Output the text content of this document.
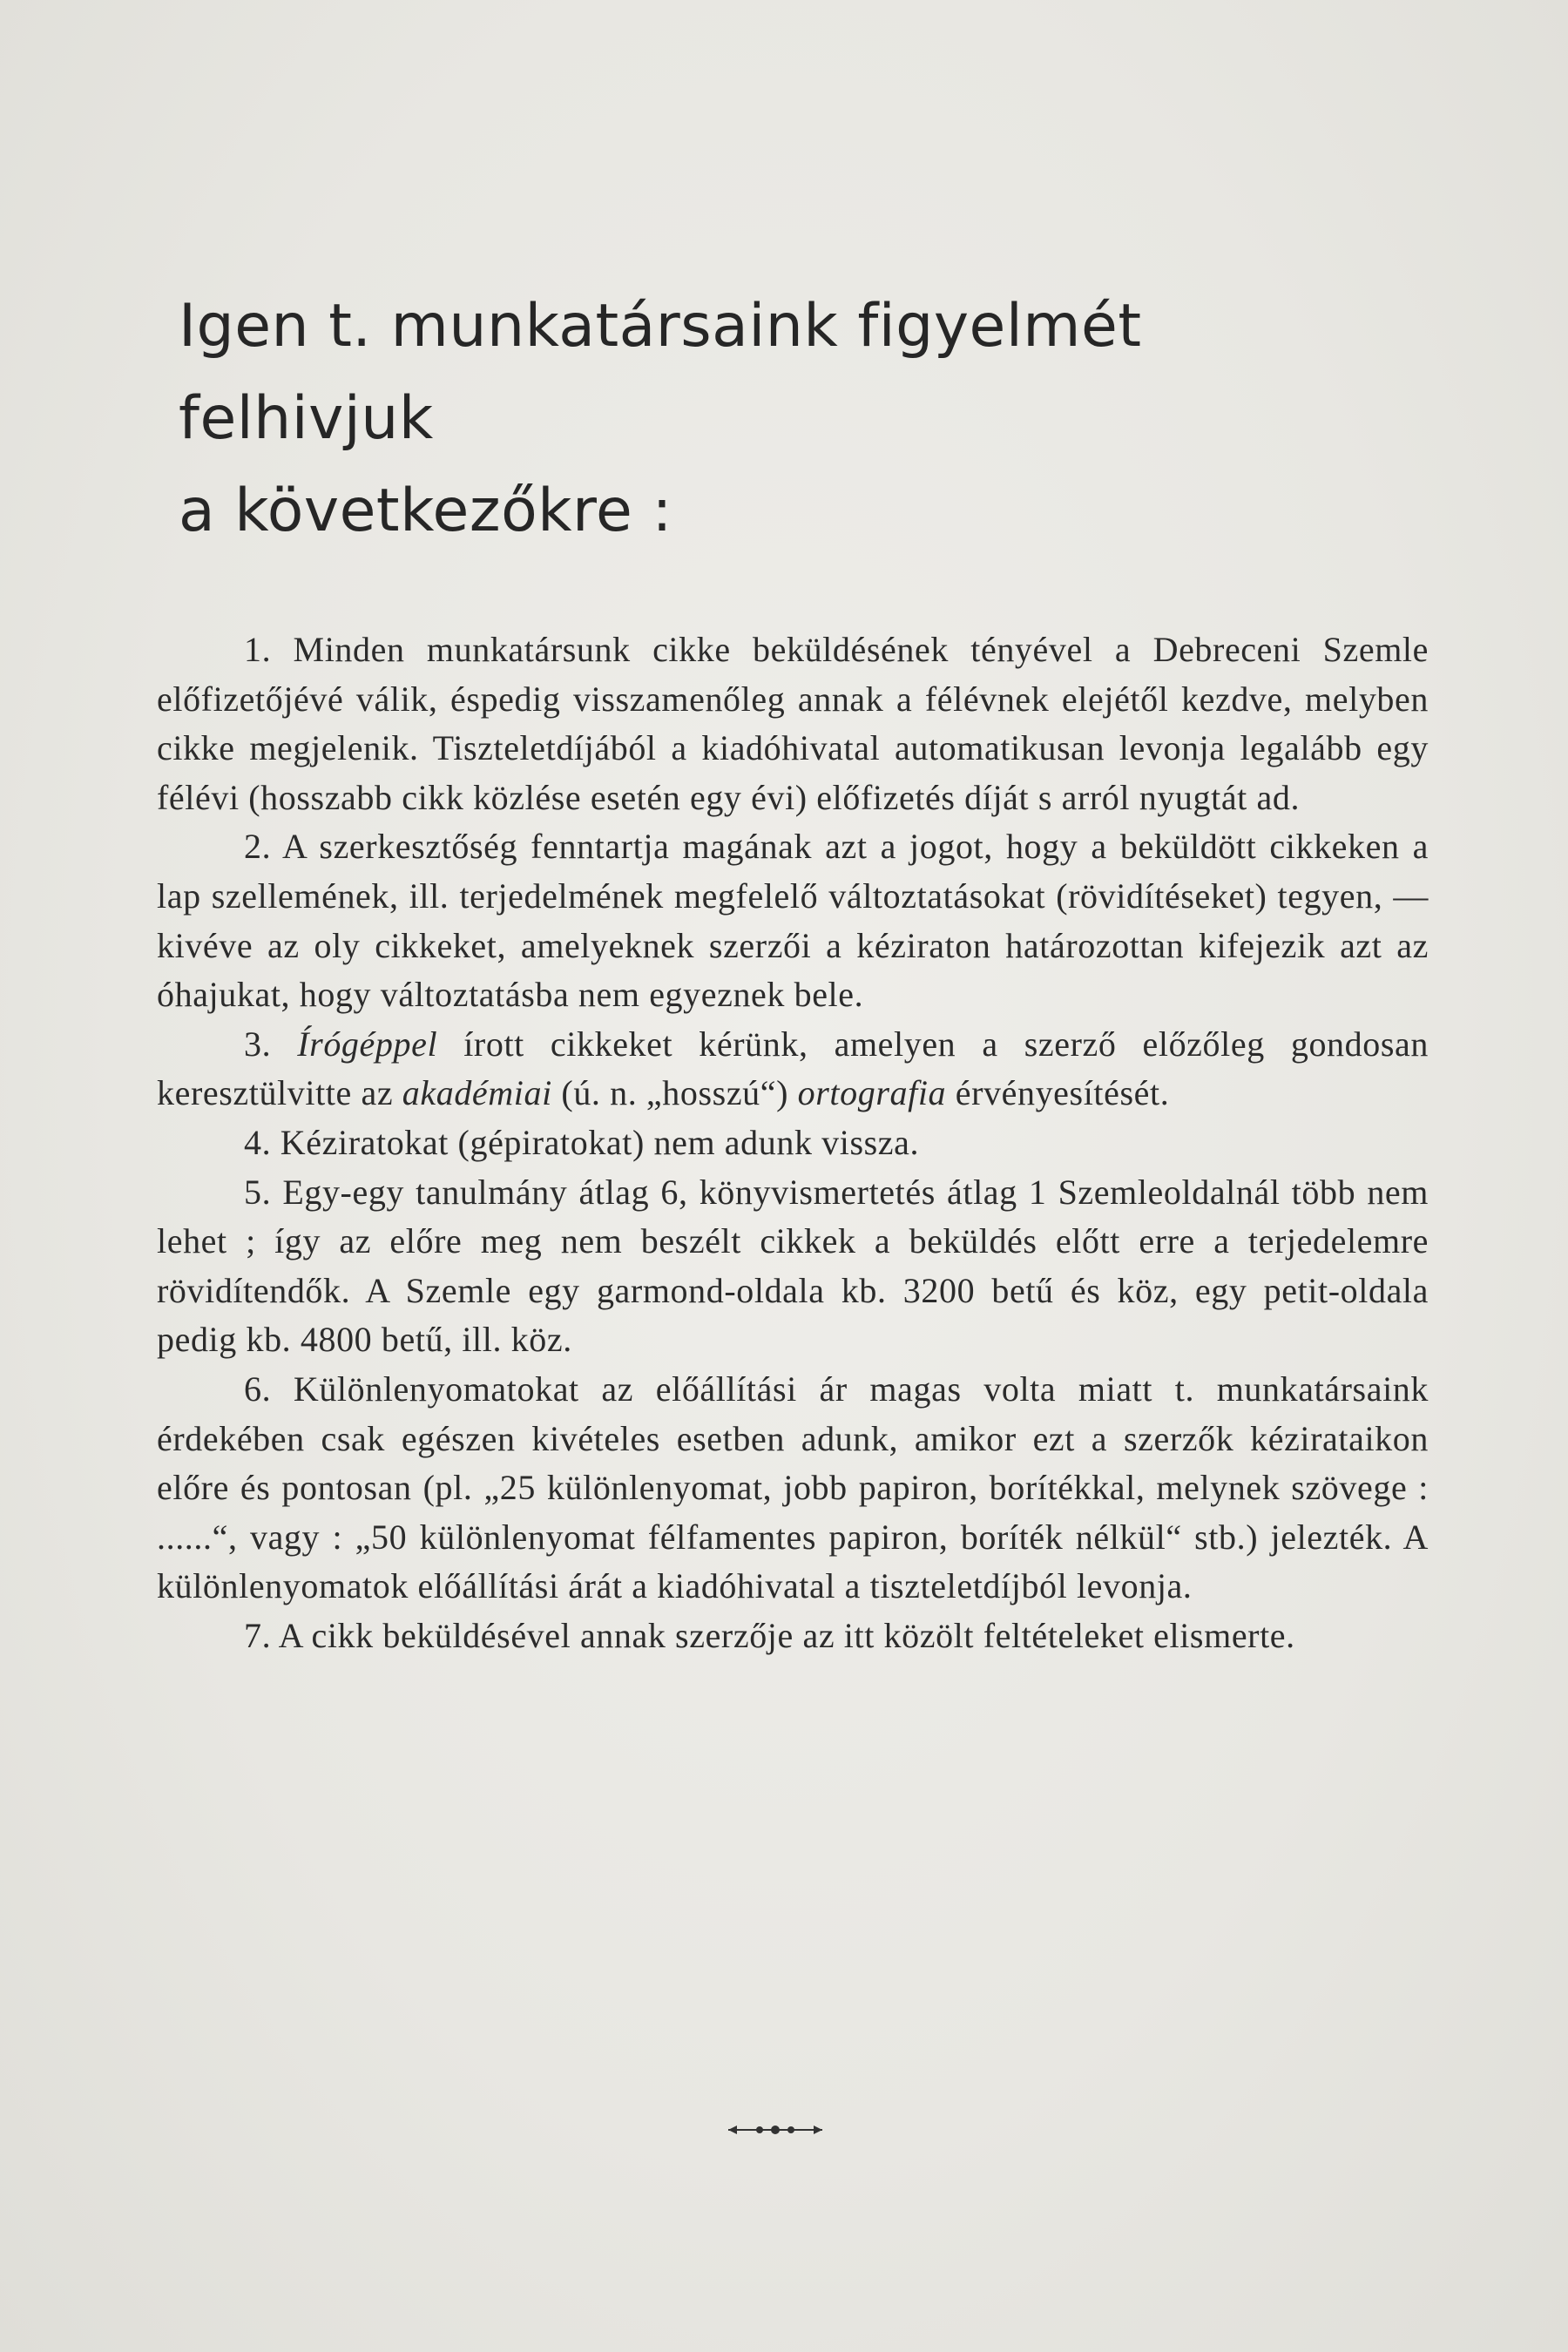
Igen t. munkatársaink figyelmét felhivjuk
a következőkre :

1. Minden munkatársunk cikke beküldésének tényével a Debreceni Szemle előfizetőjévé válik, éspedig visszamenőleg annak a félévnek elejétől kezdve, melyben cikke megjelenik. Tiszteletdíjából a kiadóhivatal automatikusan levonja legalább egy félévi (hosszabb cikk közlése esetén egy évi) előfizetés díját s arról nyugtát ad.

2. A szerkesztőség fenntartja magának azt a jogot, hogy a beküldött cikkeken a lap szellemének, ill. terjedelmének megfelelő változtatásokat (rövidítéseket) tegyen, — kivéve az oly cikkeket, amelyeknek szerzői a kéziraton határozottan kifejezik azt az óhajukat, hogy változtatásba nem egyeznek bele.

3. Írógéppel írott cikkeket kérünk, amelyen a szerző előzőleg gondosan keresztülvitte az akadémiai (ú. n. „hosszú“) ortografia érvényesítését.

4. Kéziratokat (gépiratokat) nem adunk vissza.

5. Egy-egy tanulmány átlag 6, könyvismertetés átlag 1 Szemleoldalnál több nem lehet ; így az előre meg nem beszélt cikkek a beküldés előtt erre a terjedelemre rövidítendők. A Szemle egy garmond-oldala kb. 3200 betű és köz, egy petit-oldala pedig kb. 4800 betű, ill. köz.

6. Különlenyomatokat az előállítási ár magas volta miatt t. munkatársaink érdekében csak egészen kivételes esetben adunk, amikor ezt a szerzők kézirataikon előre és pontosan (pl. „25 különlenyomat, jobb papiron, borítékkal, melynek szövege : ......“, vagy : „50 különlenyomat félfamentes papiron, boríték nélkül“ stb.) jelezték. A különlenyomatok előállítási árát a kiadóhivatal a tiszteletdíjból levonja.

7. A cikk beküldésével annak szerzője az itt közölt feltételeket elismerte.
